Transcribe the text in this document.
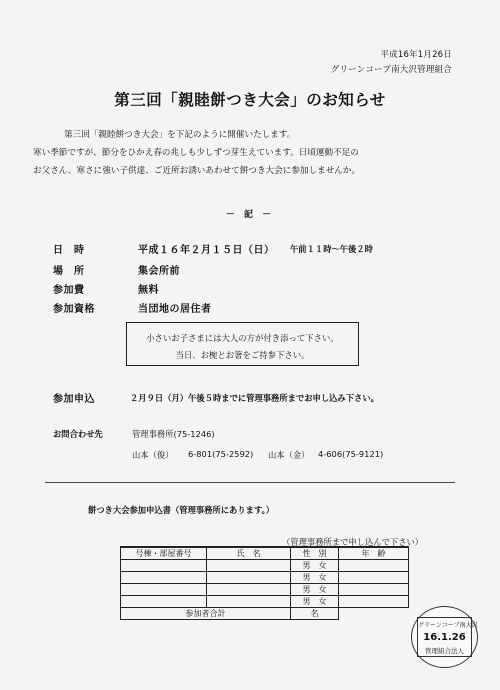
平成16年1月26日
グリーンコープ南大沢管理組合
第三回「親睦餅つき大会」のお知らせ
第三回「親睦餅つき大会」を下記のように開催いたします。
寒い季節ですが、節分をひかえ春の兆しも少しずつ芽生えています。日頃運動不足の
お父さん、寒さに強い子供達、ご近所お誘いあわせて餅つき大会に参加しませんか。
－ 記 －
日　時	平成１６年２月１５日（日） 午前１１時～午後２時
場　所	集会所前
参加費	無料
参加資格	当団地の居住者
小さいお子さまには大人の方が付き添って下さい。
当日、お椀とお箸をご持参下さい。
参加申込	２月９日（月）午後５時までに管理事務所までお申し込み下さい。
お問合わせ先	管理事務所(75-1246)
山本（俊） 6-801(75-2592) 山本（金） 4-606(75-9121)
餅つき大会参加申込書（管理事務所にあります。）
（管理事務所まで申し込んで下さい）
号棟・部屋番号	氏　名	性　別	年　齢
		男　女	
		男　女	
		男　女	
		男　女	
参加者合計		名	
グリーンコープ南大沢
16.1.26
管理組合法人
